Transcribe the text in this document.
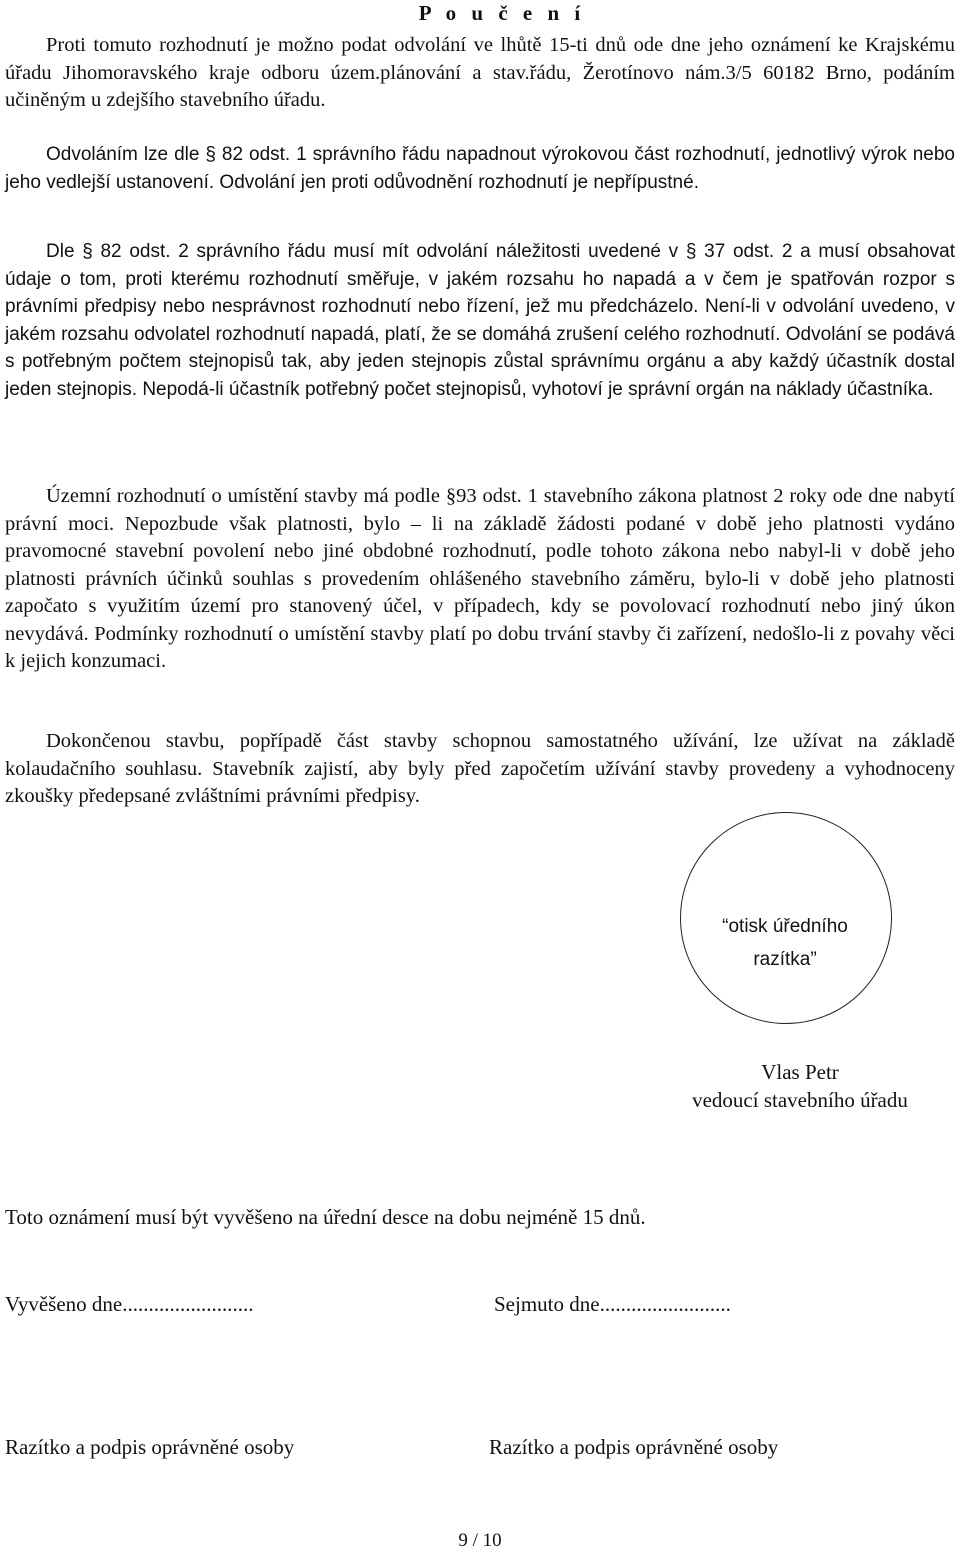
P o u č e n í

Proti tomuto rozhodnutí je možno podat odvolání ve lhůtě 15-ti dnů ode dne jeho oznámení ke Krajskému úřadu Jihomoravského kraje odboru územ.plánování a stav.řádu, Žerotínovo nám.3/5 60182 Brno, podáním učiněným u zdejšího stavebního úřadu.

Odvoláním lze dle § 82 odst. 1 správního řádu napadnout výrokovou část rozhodnutí, jednotlivý výrok nebo jeho vedlejší ustanovení. Odvolání jen proti odůvodnění rozhodnutí je nepřípustné.

Dle § 82 odst. 2 správního řádu musí mít odvolání náležitosti uvedené v § 37 odst. 2 a musí obsahovat údaje o tom, proti kterému rozhodnutí směřuje, v jakém rozsahu ho napadá a v čem je spatřován rozpor s právními předpisy nebo nesprávnost rozhodnutí nebo řízení, jež mu předcházelo. Není-li v odvolání uvedeno, v jakém rozsahu odvolatel rozhodnutí napadá, platí, že se domáhá zrušení celého rozhodnutí. Odvolání se podává s potřebným počtem stejnopisů tak, aby jeden stejnopis zůstal správnímu orgánu a aby každý účastník dostal jeden stejnopis. Nepodá-li účastník potřebný počet stejnopisů, vyhotoví je správní orgán na náklady účastníka.

Územní rozhodnutí o umístění stavby má podle §93 odst. 1 stavebního zákona platnost 2 roky ode dne nabytí právní moci. Nepozbude však platnosti, bylo – li na základě žádosti podané v době jeho platnosti vydáno pravomocné stavební povolení nebo jiné obdobné rozhodnutí, podle tohoto zákona nebo nabyl-li v době jeho platnosti právních účinků souhlas s provedením ohlášeného stavebního záměru, bylo-li v době jeho platnosti započato s využitím území pro stanovený účel, v případech, kdy se povolovací rozhodnutí nebo jiný úkon nevydává. Podmínky rozhodnutí o umístění stavby platí po dobu trvání stavby či zařízení, nedošlo-li z povahy věci k jejich konzumaci.

Dokončenou stavbu, popřípadě část stavby schopnou samostatného užívání, lze užívat na základě kolaudačního souhlasu. Stavebník zajistí, aby byly před započetím užívání stavby provedeny a vyhodnoceny zkoušky předepsané zvláštními právními předpisy.

“otisk úředního
razítka”
Vlas Petr
vedoucí stavebního úřadu
Toto oznámení musí být vyvěšeno na úřední desce na dobu nejméně 15 dnů.
Vyvěšeno dne.........................	Sejmuto dne.........................
Razítko a podpis oprávněné osoby	Razítko a podpis oprávněné osoby
9 / 10
